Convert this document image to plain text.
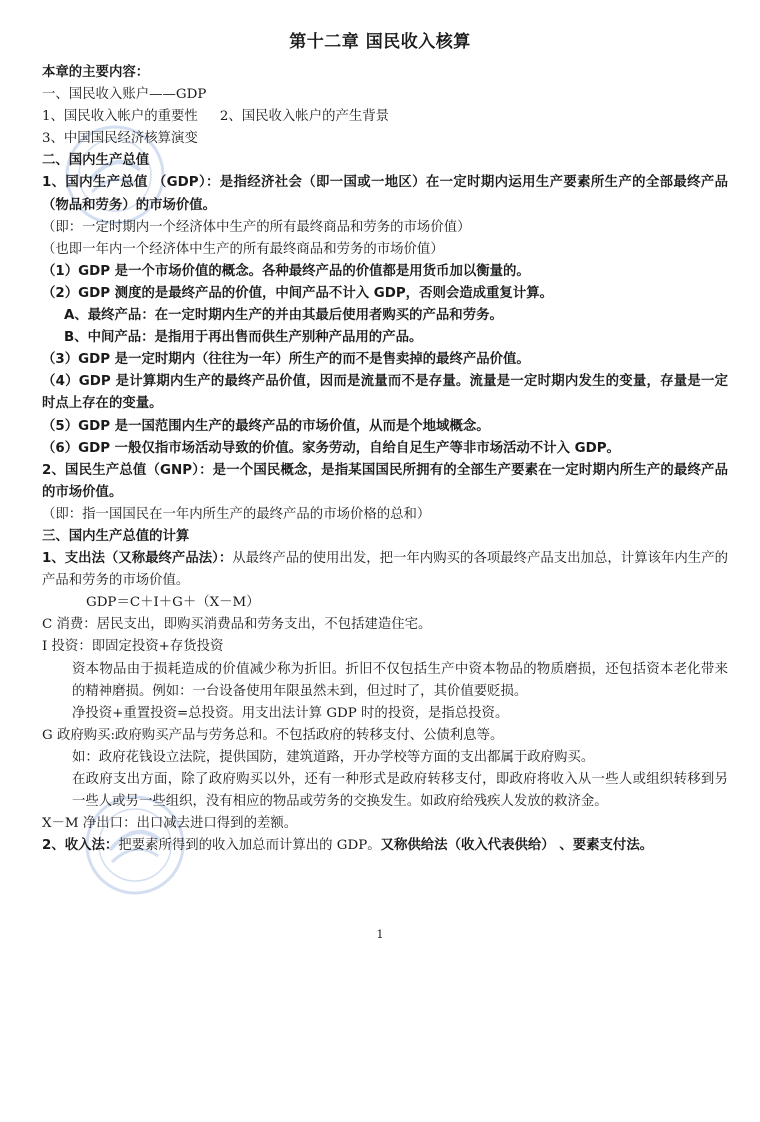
第十二章 国民收入核算
本章的主要内容：
一、国民收入账户——GDP
1、国民收入帐户的重要性 2、国民收入帐户的产生背景
3、中国国民经济核算演变
二、国内生产总值
1、国内生产总值 （GDP）：是指经济社会（即一国或一地区）在一定时期内运用生产要素所生产的全部最终产品（物品和劳务）的市场价值。
（即：一定时期内一个经济体中生产的所有最终商品和劳务的市场价值）
（也即一年内一个经济体中生产的所有最终商品和劳务的市场价值）
（1）GDP 是一个市场价值的概念。各种最终产品的价值都是用货币加以衡量的。
（2）GDP 测度的是最终产品的价值，中间产品不计入 GDP，否则会造成重复计算。
A、最终产品：在一定时期内生产的并由其最后使用者购买的产品和劳务。
B、中间产品：是指用于再出售而供生产别种产品用的产品。
（3）GDP 是一定时期内（往往为一年）所生产的而不是售卖掉的最终产品价值。
（4）GDP 是计算期内生产的最终产品价值，因而是流量而不是存量。流量是一定时期内发生的变量，存量是一定时点上存在的变量。
（5）GDP 是一国范围内生产的最终产品的市场价值，从而是个地域概念。
（6）GDP 一般仅指市场活动导致的价值。家务劳动，自给自足生产等非市场活动不计入 GDP。
2、国民生产总值（GNP）：是一个国民概念，是指某国国民所拥有的全部生产要素在一定时期内所生产的最终产品的市场价值。
（即：指一国国民在一年内所生产的最终产品的市场价格的总和）
三、国内生产总值的计算
1、支出法（又称最终产品法）：从最终产品的使用出发，把一年内购买的各项最终产品支出加总，计算该年内生产的产品和劳务的市场价值。
GDP＝C＋I＋G＋（X－M）
C 消费：居民支出，即购买消费品和劳务支出，不包括建造住宅。
I 投资：即固定投资+存货投资
资本物品由于损耗造成的价值减少称为折旧。折旧不仅包括生产中资本物品的物质磨损，还包括资本老化带来的精神磨损。例如：一台设备使用年限虽然未到，但过时了，其价值要贬损。
净投资+重置投资=总投资。用支出法计算 GDP 时的投资，是指总投资。
G 政府购买:政府购买产品与劳务总和。不包括政府的转移支付、公债利息等。
如：政府花钱设立法院，提供国防，建筑道路，开办学校等方面的支出都属于政府购买。
在政府支出方面，除了政府购买以外，还有一种形式是政府转移支付，即政府将收入从一些人或组织转移到另一些人或另一些组织，没有相应的物品或劳务的交换发生。如政府给残疾人发放的救济金。
X－M 净出口：出口减去进口得到的差额。
2、收入法：把要素所得到的收入加总而计算出的 GDP。又称供给法（收入代表供给） 、要素支付法。
1
